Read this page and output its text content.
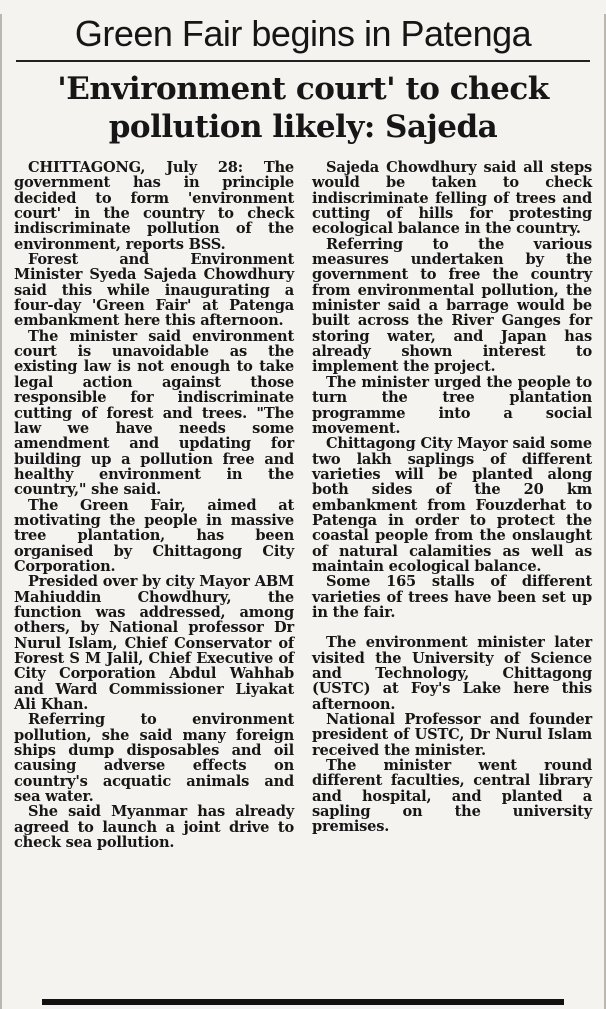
Green Fair begins in Patenga
'Environment court' to check
pollution likely: Sajeda

CHITTAGONG, July 28: The government has in principle decided to form 'environment court' in the country to check indiscriminate pollution of the environment, reports BSS.

Forest and Environment Minister Syeda Sajeda Chowdhury said this while inaugurating a four-day 'Green Fair' at Patenga embankment here this afternoon.

The minister said environment court is unavoidable as the existing law is not enough to take legal action against those responsible for indiscriminate cutting of forest and trees. "The law we have needs some amendment and updating for building up a pollution free and healthy environment in the country," she said.

The Green Fair, aimed at motivating the people in massive tree plantation, has been organised by Chittagong City Corporation.

Presided over by city Mayor ABM Mahiuddin Chowdhury, the function was addressed, among others, by National professor Dr Nurul Islam, Chief Conservator of Forest S M Jalil, Chief Executive of City Corporation Abdul Wahhab and Ward Commissioner Liyakat Ali Khan.

Referring to environment pollution, she said many foreign ships dump disposables and oil causing adverse effects on country's acquatic animals and sea water.

She said Myanmar has already agreed to launch a joint drive to check sea pollution.

Sajeda Chowdhury said all steps would be taken to check indiscriminate felling of trees and cutting of hills for protesting ecological balance in the country.

Referring to the various measures undertaken by the government to free the country from environmental pollution, the minister said a barrage would be built across the River Ganges for storing water, and Japan has already shown interest to implement the project.

The minister urged the people to turn the tree plantation programme into a social movement.

Chittagong City Mayor said some two lakh saplings of different varieties will be planted along both sides of the 20 km embankment from Fouzderhat to Patenga in order to protect the coastal people from the onslaught of natural calamities as well as maintain ecological balance.

Some 165 stalls of different varieties of trees have been set up in the fair.

The environment minister later visited the University of Science and Technology, Chittagong (USTC) at Foy's Lake here this afternoon.

National Professor and founder president of USTC, Dr Nurul Islam received the minister.

The minister went round different faculties, central library and hospital, and planted a sapling on the university premises.
